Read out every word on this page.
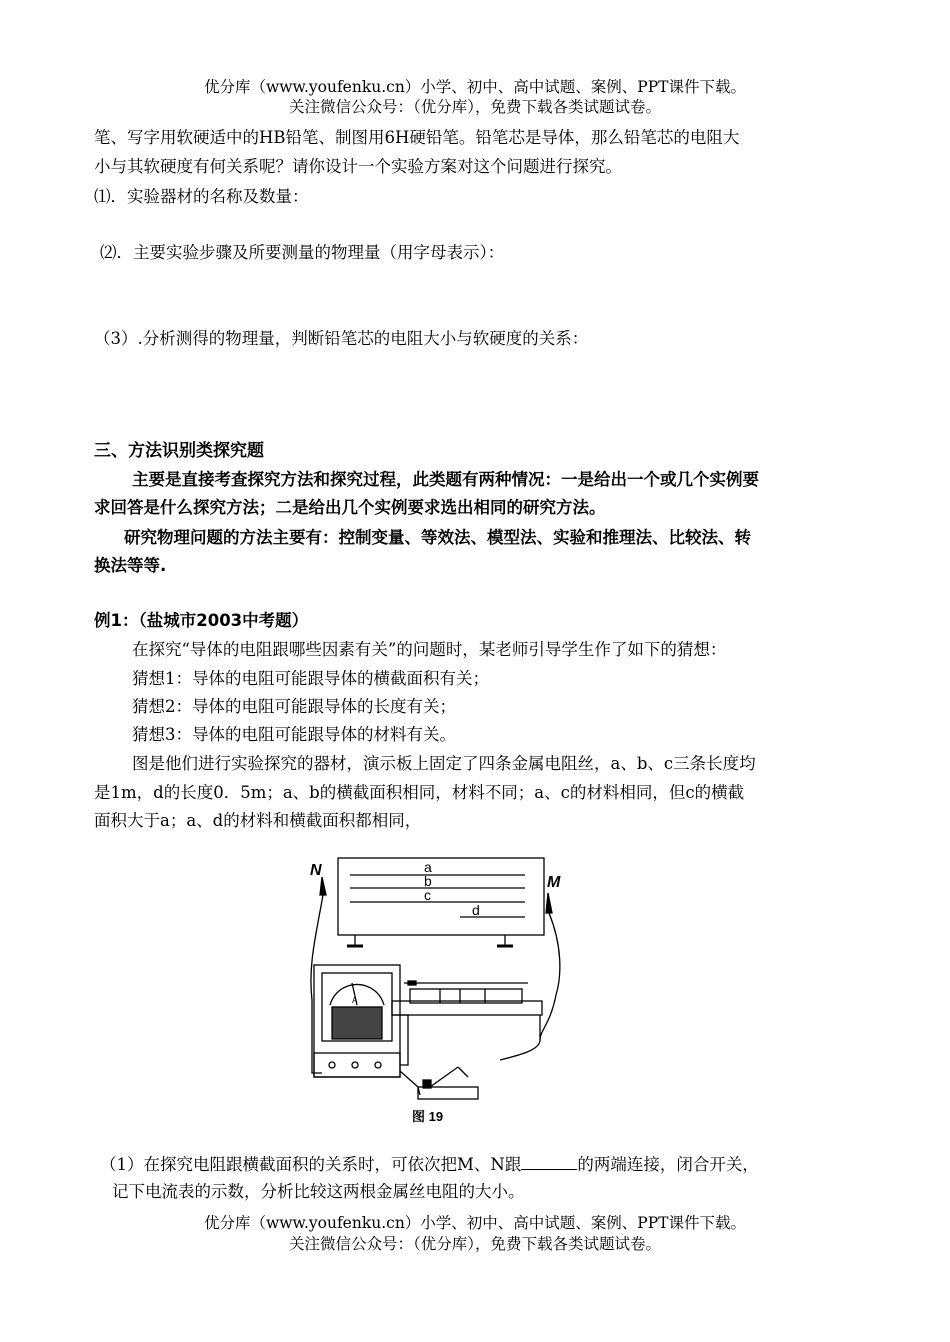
优分库（www.youfenku.cn）小学、初中、高中试题、案例、PPT课件下载。
关注微信公众号：（优分库），免费下载各类试题试卷。
笔、写字用软硬适中的HB铅笔、制图用6H硬铅笔。铅笔芯是导体，那么铅笔芯的电阻大
小与其软硬度有何关系呢？请你设计一个实验方案对这个问题进行探究。
⑴．实验器材的名称及数量：
⑵．主要实验步骤及所要测量的物理量（用字母表示）：
（3）.分析测得的物理量，判断铅笔芯的电阻大小与软硬度的关系：
三、方法识别类探究题
主要是直接考查探究方法和探究过程，此类题有两种情况：一是给出一个或几个实例要
求回答是什么探究方法；二是给出几个实例要求选出相同的研究方法。
研究物理问题的方法主要有：控制变量、等效法、模型法、实验和推理法、比较法、转
换法等等.
例1：（盐城市2003中考题）
在探究“导体的电阻跟哪些因素有关”的问题时，某老师引导学生作了如下的猜想：
猜想1：导体的电阻可能跟导体的横截面积有关；
猜想2：导体的电阻可能跟导体的长度有关；
猜想3：导体的电阻可能跟导体的材料有关。
图是他们进行实验探究的器材，演示板上固定了四条金属电阻丝，a、b、c三条长度均
是1m，d的长度0．5m；a、b的横截面积相同，材料不同；a、c的材料相同，但c的横截
面积大于a；a、d的材料和横截面积都相同，
N
M
a
b
c
d
A
图 19
（1）在探究电阻跟横截面积的关系时，可依次把M、N跟	的两端连接，闭合开关，
记下电流表的示数，分析比较这两根金属丝电阻的大小。
优分库（www.youfenku.cn）小学、初中、高中试题、案例、PPT课件下载。
关注微信公众号：（优分库），免费下载各类试题试卷。
